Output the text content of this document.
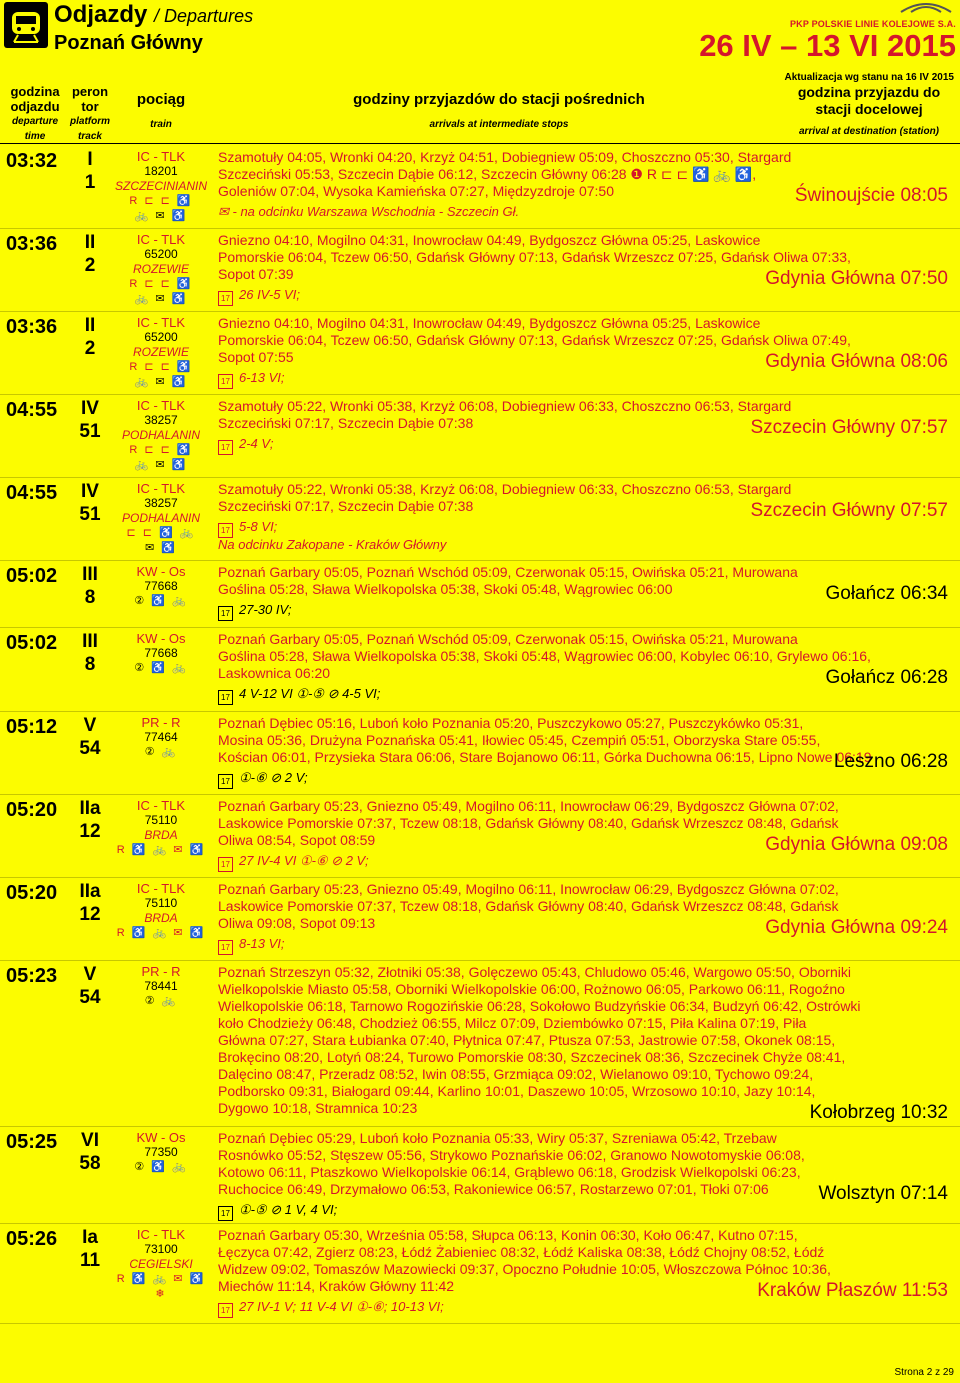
Odjazdy / Departures
Poznań Główny
PKP POLSKIE LINIE KOLEJOWE S.A.
26 IV – 13 VI 2015
Aktualizacja wg stanu na 16 IV 2015
godzina odjazdu
departure time
peron tor
platform track
pociąg
train
godziny przyjazdów do stacji pośrednich
arrivals at intermediate stops
godzina przyjazdu do stacji docelowej
arrival at destination (station)
03:32	I
1
IC - TLK
18201
SZCZECINIANIN
R ⊏ ⊏ ♿
🚲 ✉ ♿
Szamotuły 04:05, Wronki 04:20, Krzyż 04:51, Dobiegniew 05:09, Choszczno 05:30, Stargard
Szczeciński 05:53, Szczecin Dąbie 06:12, Szczecin Główny 06:28 ❶ R ⊏ ⊏ ♿ 🚲 ♿,
Goleniów 07:04, Wysoka Kamieńska 07:27, Międzyzdroje 07:50	Świnoujście 08:05
✉ - na odcinku Warszawa Wschodnia - Szczecin Gł.
03:36	II
2
IC - TLK
65200
ROZEWIE
R ⊏ ⊏ ♿
🚲 ✉ ♿
Gniezno 04:10, Mogilno 04:31, Inowrocław 04:49, Bydgoszcz Główna 05:25, Laskowice
Pomorskie 06:04, Tczew 06:50, Gdańsk Główny 07:13, Gdańsk Wrzeszcz 07:25, Gdańsk Oliwa 07:33,
Sopot 07:39	Gdynia Główna 07:50
17 26 IV-5 VI;
03:36	II
2
IC - TLK
65200
ROZEWIE
R ⊏ ⊏ ♿
🚲 ✉ ♿
Gniezno 04:10, Mogilno 04:31, Inowrocław 04:49, Bydgoszcz Główna 05:25, Laskowice
Pomorskie 06:04, Tczew 06:50, Gdańsk Główny 07:13, Gdańsk Wrzeszcz 07:25, Gdańsk Oliwa 07:49,
Sopot 07:55	Gdynia Główna 08:06
17 6-13 VI;
04:55	IV
51
IC - TLK
38257
PODHALANIN
R ⊏ ⊏ ♿
🚲 ✉ ♿
Szamotuły 05:22, Wronki 05:38, Krzyż 06:08, Dobiegniew 06:33, Choszczno 06:53, Stargard
Szczeciński 07:17, Szczecin Dąbie 07:38	Szczecin Główny 07:57
17 2-4 V;
04:55	IV
51
IC - TLK
38257
PODHALANIN
⊏ ⊏ ♿ 🚲
✉ ♿
Szamotuły 05:22, Wronki 05:38, Krzyż 06:08, Dobiegniew 06:33, Choszczno 06:53, Stargard
Szczeciński 07:17, Szczecin Dąbie 07:38	Szczecin Główny 07:57
17 5-8 VI;
Na odcinku Zakopane - Kraków Główny
05:02	III
8
KW - Os
77668
② ♿ 🚲
Poznań Garbary 05:05, Poznań Wschód 05:09, Czerwonak 05:15, Owińska 05:21, Murowana
Goślina 05:28, Sława Wielkopolska 05:38, Skoki 05:48, Wągrowiec 06:00	Gołańcz 06:34
17 27-30 IV;
05:02	III
8
KW - Os
77668
② ♿ 🚲
Poznań Garbary 05:05, Poznań Wschód 05:09, Czerwonak 05:15, Owińska 05:21, Murowana
Goślina 05:28, Sława Wielkopolska 05:38, Skoki 05:48, Wągrowiec 06:00, Kobylec 06:10, Grylewo 06:16,
Laskownica 06:20	Gołańcz 06:28
17 4 V-12 VI ①-⑤ ⊘ 4-5 VI;
05:12	V
54
PR - R
77464
② 🚲
Poznań Dębiec 05:16, Luboń koło Poznania 05:20, Puszczykowo 05:27, Puszczykówko 05:31,
Mosina 05:36, Drużyna Poznańska 05:41, Iłowiec 05:45, Czempiń 05:51, Oborzyska Stare 05:55,
Kościan 06:01, Przysieka Stara 06:06, Stare Bojanowo 06:11, Górka Duchowna 06:15, Lipno Nowe 06:19
Leszno 06:28
17 ①-⑥ ⊘ 2 V;
05:20	IIa
12
IC - TLK
75110
BRDA
R ♿ 🚲 ✉ ♿
Poznań Garbary 05:23, Gniezno 05:49, Mogilno 06:11, Inowrocław 06:29, Bydgoszcz Główna 07:02,
Laskowice Pomorskie 07:37, Tczew 08:18, Gdańsk Główny 08:40, Gdańsk Wrzeszcz 08:48, Gdańsk
Oliwa 08:54, Sopot 08:59	Gdynia Główna 09:08
17 27 IV-4 VI ①-⑥ ⊘ 2 V;
05:20	IIa
12
IC - TLK
75110
BRDA
R ♿ 🚲 ✉ ♿
Poznań Garbary 05:23, Gniezno 05:49, Mogilno 06:11, Inowrocław 06:29, Bydgoszcz Główna 07:02,
Laskowice Pomorskie 07:37, Tczew 08:18, Gdańsk Główny 08:40, Gdańsk Wrzeszcz 08:48, Gdańsk
Oliwa 09:08, Sopot 09:13	Gdynia Główna 09:24
17 8-13 VI;
05:23	V
54
PR - R
78441
② 🚲
Poznań Strzeszyn 05:32, Złotniki 05:38, Golęczewo 05:43, Chludowo 05:46, Wargowo 05:50, Oborniki
Wielkopolskie Miasto 05:58, Oborniki Wielkopolskie 06:00, Rożnowo 06:05, Parkowo 06:11, Rogoźno
Wielkopolskie 06:18, Tarnowo Rogozińskie 06:28, Sokołowo Budzyńskie 06:34, Budzyń 06:42, Ostrówki
koło Chodzieży 06:48, Chodzież 06:55, Milcz 07:09, Dziembówko 07:15, Piła Kalina 07:19, Piła
Główna 07:27, Stara Łubianka 07:40, Płytnica 07:47, Ptusza 07:53, Jastrowie 07:58, Okonek 08:15,
Brokęcino 08:20, Lotyń 08:24, Turowo Pomorskie 08:30, Szczecinek 08:36, Szczecinek Chyże 08:41,
Dalęcino 08:47, Przeradz 08:52, Iwin 08:55, Grzmiąca 09:02, Wielanowo 09:10, Tychowo 09:24,
Podborsko 09:31, Białogard 09:44, Karlino 10:01, Daszewo 10:05, Wrzosowo 10:10, Jazy 10:14,
Dygowo 10:18, Stramnica 10:23	Kołobrzeg 10:32
05:25	VI
58
KW - Os
77350
② ♿ 🚲
Poznań Dębiec 05:29, Luboń koło Poznania 05:33, Wiry 05:37, Szreniawa 05:42, Trzebaw
Rosnówko 05:52, Stęszew 05:56, Strykowo Poznańskie 06:02, Granowo Nowotomyskie 06:08,
Kotowo 06:11, Ptaszkowo Wielkopolskie 06:14, Grąblewo 06:18, Grodzisk Wielkopolski 06:23,
Ruchocice 06:49, Drzymałowo 06:53, Rakoniewice 06:57, Rostarzewo 07:01, Tłoki 07:06	Wolsztyn 07:14
17 ①-⑤ ⊘ 1 V, 4 VI;
05:26	Ia
11
IC - TLK
73100
CEGIELSKI
R ♿ 🚲 ✉ ♿ ❄
Poznań Garbary 05:30, Września 05:58, Słupca 06:13, Konin 06:30, Koło 06:47, Kutno 07:15,
Łęczyca 07:42, Zgierz 08:23, Łódź Żabieniec 08:32, Łódź Kaliska 08:38, Łódź Chojny 08:52, Łódź
Widzew 09:02, Tomaszów Mazowiecki 09:37, Opoczno Południe 10:05, Włoszczowa Północ 10:36,
Miechów 11:14, Kraków Główny 11:42	Kraków Płaszów 11:53
17 27 IV-1 V; 11 V-4 VI ①-⑥; 10-13 VI;
Strona 2 z 29
